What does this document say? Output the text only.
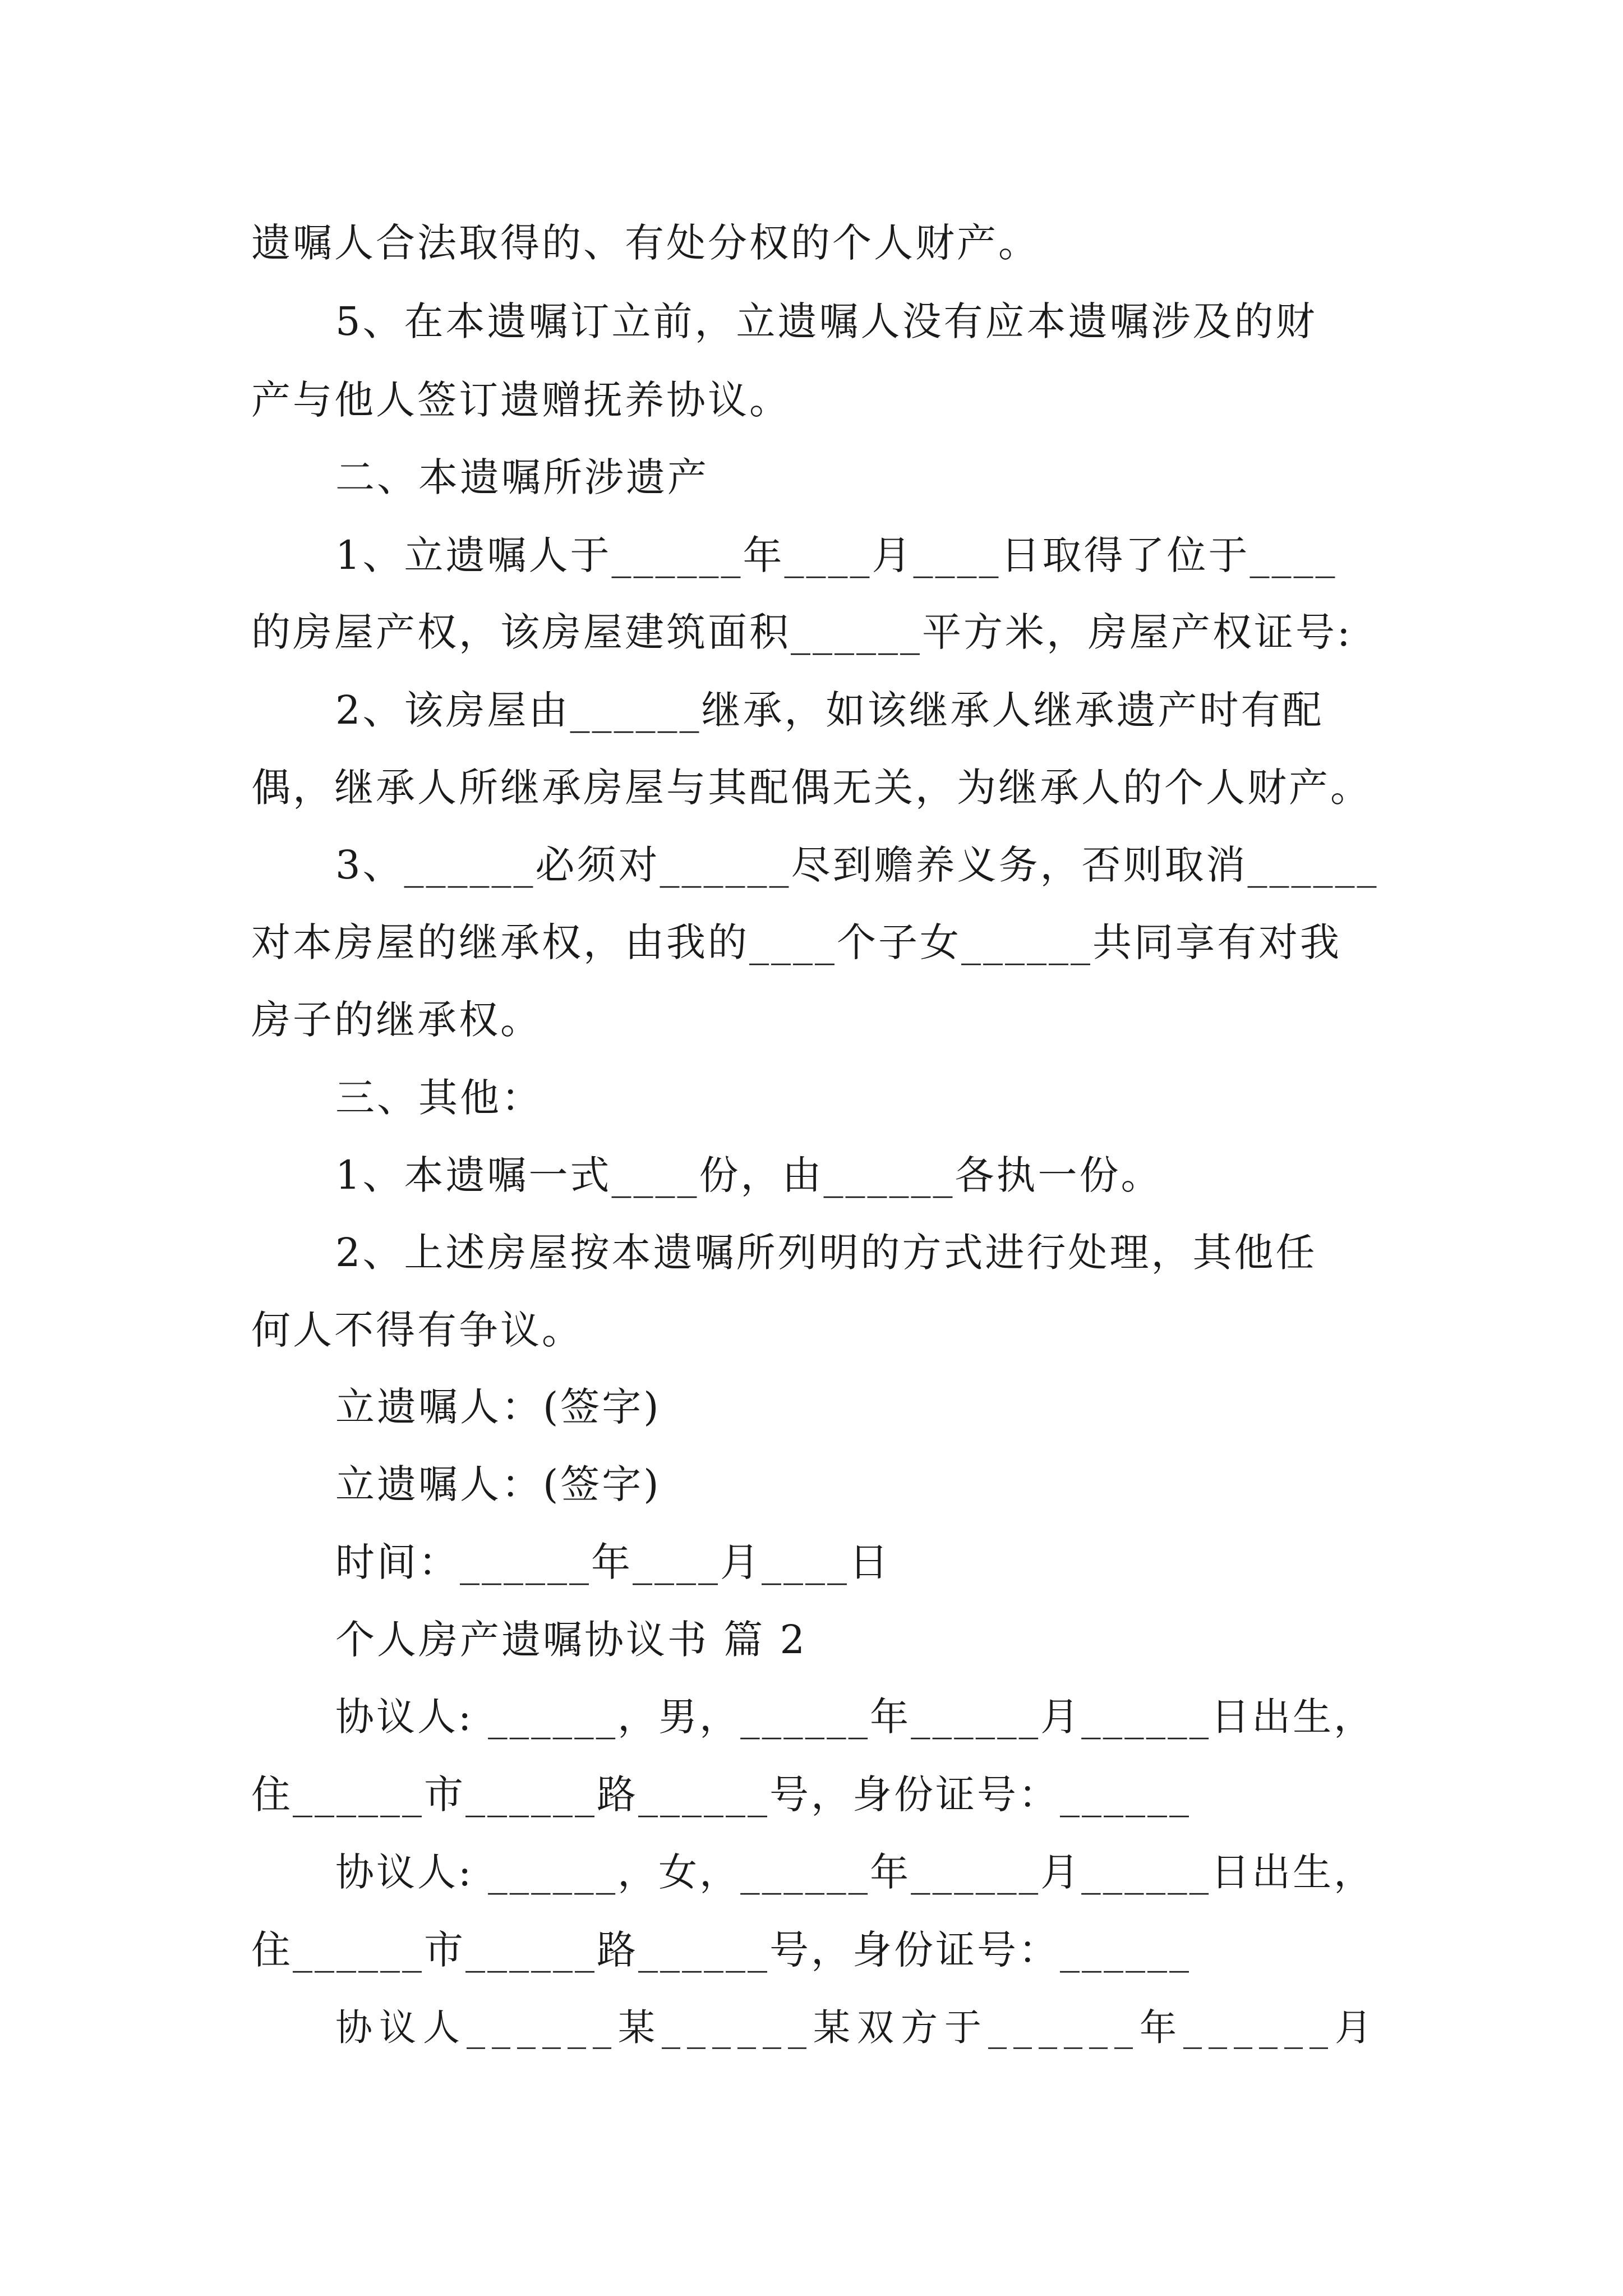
遗嘱人合法取得的、有处分权的个人财产。
5、在本遗嘱订立前，立遗嘱人没有应本遗嘱涉及的财
产与他人签订遗赠抚养协议。
二、本遗嘱所涉遗产
1、立遗嘱人于______年____月____日取得了位于____
的房屋产权，该房屋建筑面积______平方米，房屋产权证号:
2、该房屋由______继承，如该继承人继承遗产时有配
偶，继承人所继承房屋与其配偶无关，为继承人的个人财产。
3、______必须对______尽到赡养义务，否则取消______
对本房屋的继承权，由我的____个子女______共同享有对我
房子的继承权。
三、其他：
1、本遗嘱一式____份，由______各执一份。
2、上述房屋按本遗嘱所列明的方式进行处理，其他任
何人不得有争议。
立遗嘱人：(签字)
立遗嘱人：(签字)
时间：______年____月____日
个人房产遗嘱协议书 篇 2
协议人: ______，男，______年______月______日出生，
住______市______路______号，身份证号：______
协议人: ______，女，______年______月______日出生，
住______市______路______号，身份证号：______
协议人______某______某双方于______年______月
